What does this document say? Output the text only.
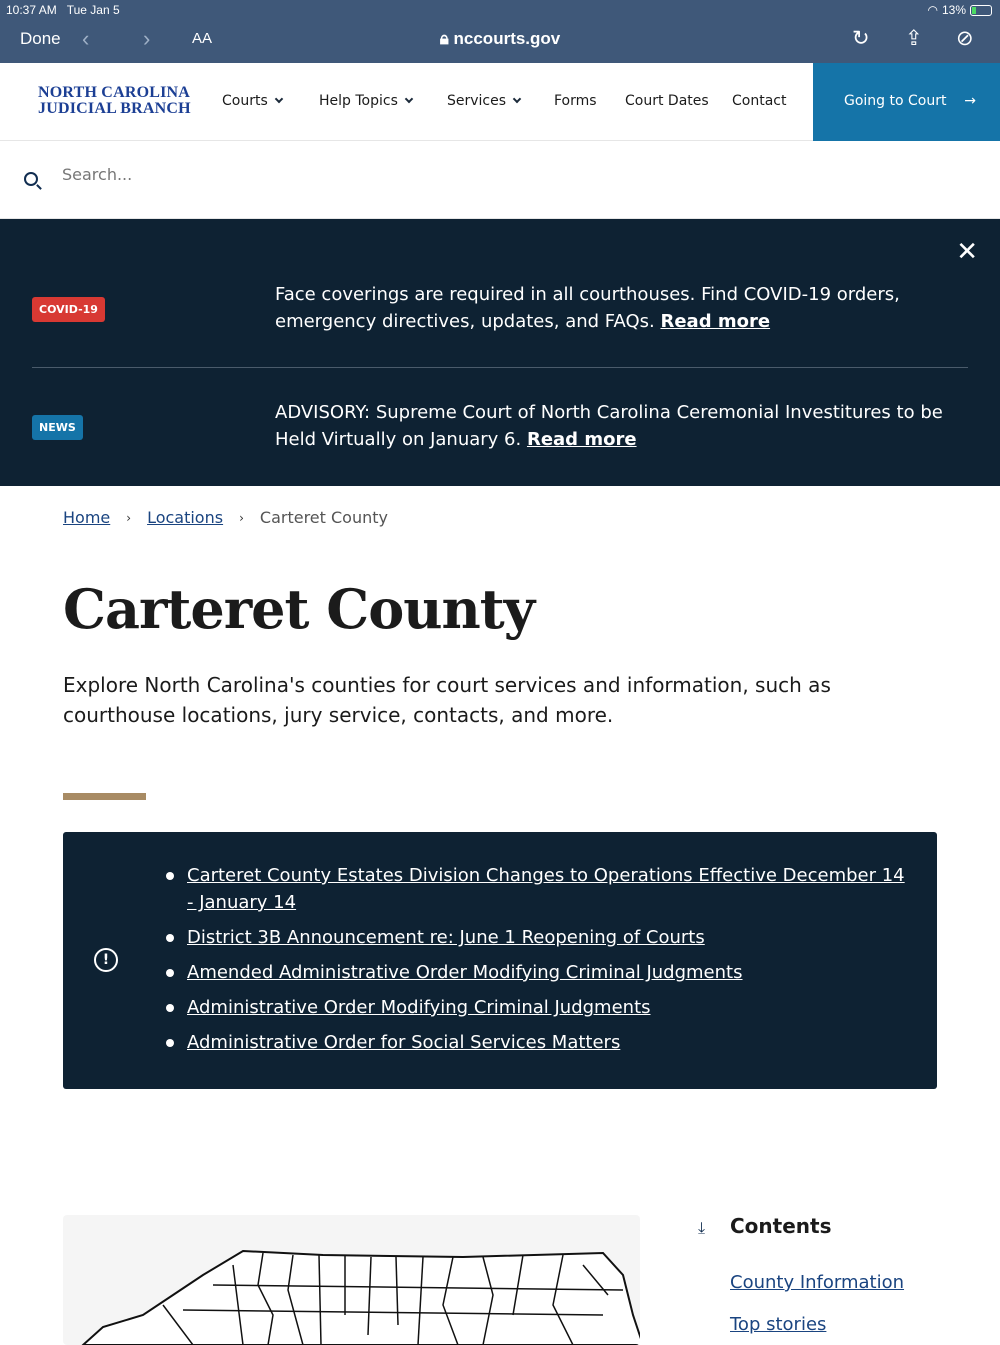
10:37 AM Tue Jan 5	◠ 13%
Done ‹ ›	AA	🔒︎ nccourts.gov	↻ ⇪ ⊘
NORTH CAROLINA
JUDICIAL BRANCH Courts	Help Topics	Services	Forms Court Dates Contact	Going to Court →
Search...
✕
COVID-19
Face coverings are required in all courthouses. Find COVID-19 orders, emergency directives, updates, and FAQs. Read more
NEWS
ADVISORY: Supreme Court of North Carolina Ceremonial Investitures to be Held Virtually on January 6. Read more
Home › Locations › Carteret County
Carteret County

Explore North Carolina's counties for court services and information, such as courthouse locations, jury service, contacts, and more.

!
Carteret County Estates Division Changes to Operations Effective December 14 - January 14
District 3B Announcement re: June 1 Reopening of Courts
Amended Administrative Order Modifying Criminal Judgments
Administrative Order Modifying Criminal Judgments
Administrative Order for Social Services Matters
⤓ Contents
County Information
Top stories
